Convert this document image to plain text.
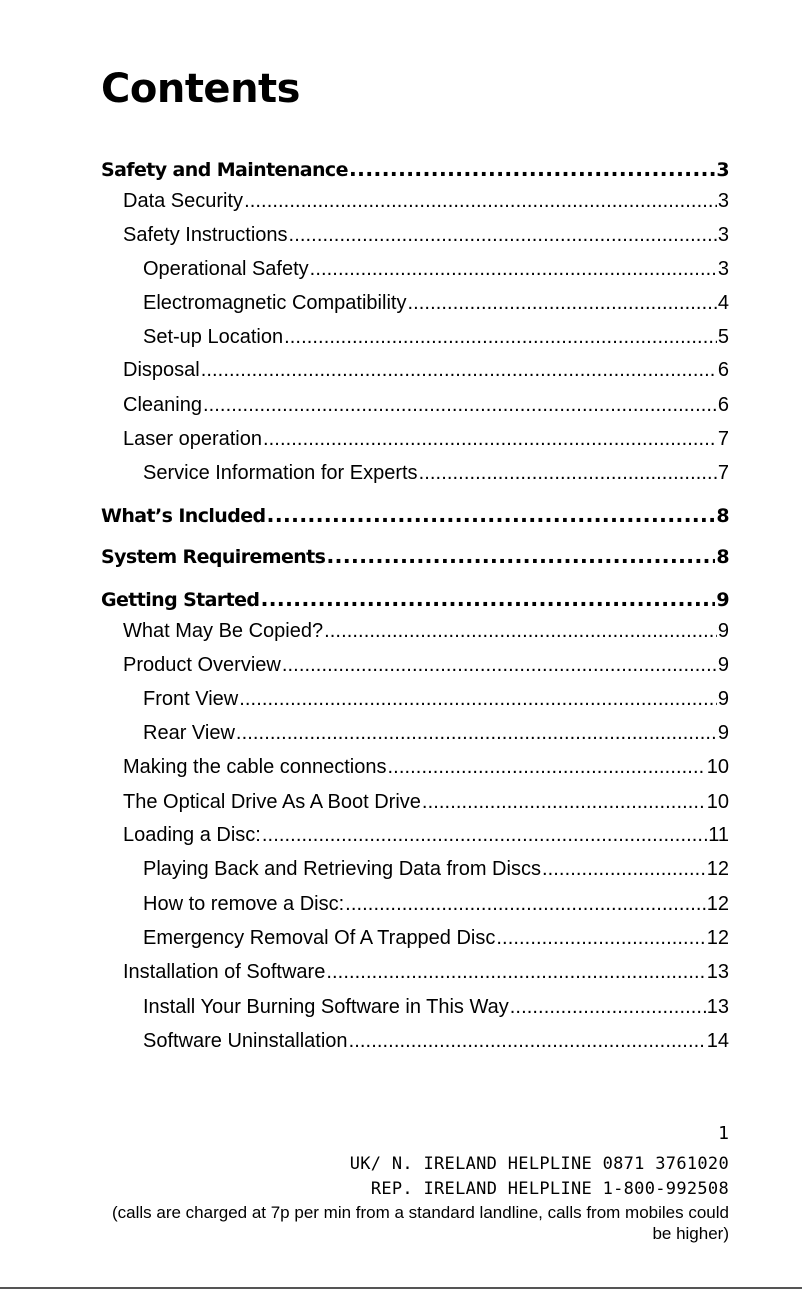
Contents
Safety and Maintenance .....	3
Data Security .....	3
Safety Instructions .....	3
Operational Safety .....	3
Electromagnetic Compatibility .....	4
Set-up Location .....	5
Disposal .....	6
Cleaning .....	6
Laser operation .....	7
Service Information for Experts .....	7
What’s Included .....	8
System Requirements .....	8
Getting Started .....	9
What May Be Copied? .....	9
Product Overview .....	9
Front View .....	9
Rear View .....	9
Making the cable connections .....	10
The Optical Drive As A Boot Drive .....	10
Loading a Disc: .....	11
Playing Back and Retrieving Data from Discs .....	12
How to remove a Disc: .....	12
Emergency Removal Of A Trapped Disc .....	12
Installation of Software .....	13
Install Your Burning Software in This Way .....	13
Software Uninstallation .....	14
1
UK/ N. IRELAND HELPLINE 0871 3761020
REP. IRELAND HELPLINE 1-800-992508
(calls are charged at 7p per min from a standard landline, calls from mobiles could be higher)
